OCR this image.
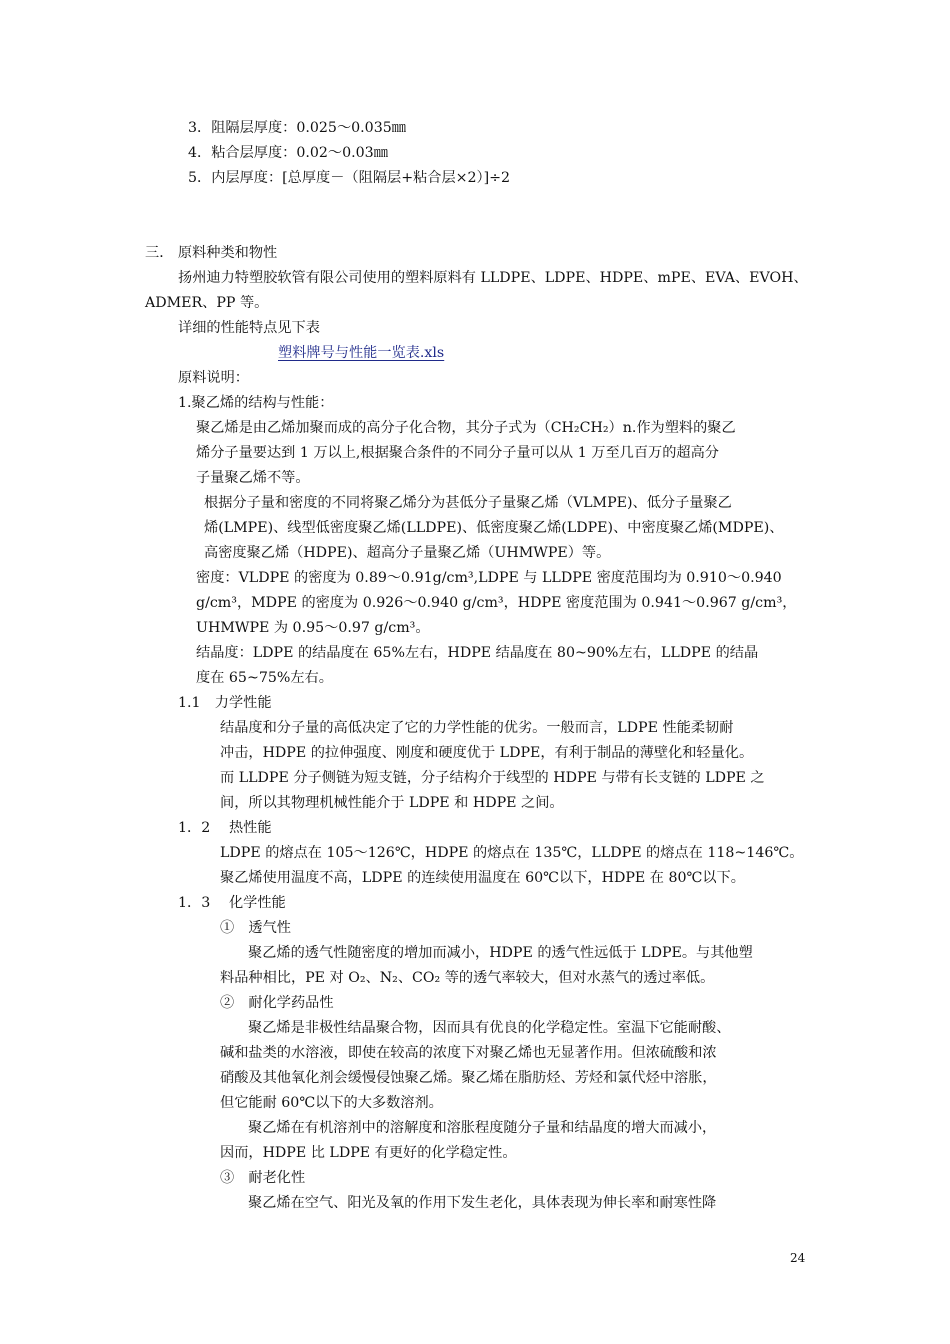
3．阻隔层厚度：0.025～0.035㎜
4．粘合层厚度：0.02～0.03㎜
5．内层厚度：[总厚度－（阻隔层+粘合层×2）]÷2
三． 原料种类和物性
扬州迪力特塑胶软管有限公司使用的塑料原料有 LLDPE、LDPE、HDPE、mPE、EVA、EVOH、
ADMER、PP 等。
详细的性能特点见下表
塑料牌号与性能一览表.xls
原料说明：
1.聚乙烯的结构与性能：
聚乙烯是由乙烯加聚而成的高分子化合物，其分子式为（CH₂CH₂）n.作为塑料的聚乙
烯分子量要达到 1 万以上,根据聚合条件的不同分子量可以从 1 万至几百万的超高分
子量聚乙烯不等。
根据分子量和密度的不同将聚乙烯分为甚低分子量聚乙烯（VLMPE)、低分子量聚乙
烯(LMPE)、线型低密度聚乙烯(LLDPE)、低密度聚乙烯(LDPE)、中密度聚乙烯(MDPE)、
高密度聚乙烯（HDPE)、超高分子量聚乙烯（UHMWPE）等。
密度：VLDPE 的密度为 0.89～0.91g/cm³,LDPE 与 LLDPE 密度范围均为 0.910～0.940
g/cm³，MDPE 的密度为 0.926～0.940 g/cm³，HDPE 密度范围为 0.941～0.967 g/cm³，
UHMWPE 为 0.95～0.97 g/cm³。
结晶度：LDPE 的结晶度在 65%左右，HDPE 结晶度在 80~90%左右，LLDPE 的结晶
度在 65~75%左右。
1.1　力学性能
结晶度和分子量的高低决定了它的力学性能的优劣。一般而言，LDPE 性能柔韧耐
冲击，HDPE 的拉伸强度、刚度和硬度优于 LDPE，有利于制品的薄壁化和轻量化。
而 LLDPE 分子侧链为短支链，分子结构介于线型的 HDPE 与带有长支链的 LDPE 之
间，所以其物理机械性能介于 LDPE 和 HDPE 之间。
1．2　 热性能
LDPE 的熔点在 105～126℃，HDPE 的熔点在 135℃，LLDPE 的熔点在 118~146℃。
聚乙烯使用温度不高，LDPE 的连续使用温度在 60℃以下，HDPE 在 80℃以下。
1．3　 化学性能
①　透气性
聚乙烯的透气性随密度的增加而减小，HDPE 的透气性远低于 LDPE。与其他塑
料品种相比，PE 对 O₂、N₂、CO₂ 等的透气率较大，但对水蒸气的透过率低。
②　耐化学药品性
聚乙烯是非极性结晶聚合物，因而具有优良的化学稳定性。室温下它能耐酸、
碱和盐类的水溶液，即使在较高的浓度下对聚乙烯也无显著作用。但浓硫酸和浓
硝酸及其他氧化剂会缓慢侵蚀聚乙烯。聚乙烯在脂肪烃、芳烃和氯代烃中溶胀，
但它能耐 60℃以下的大多数溶剂。
聚乙烯在有机溶剂中的溶解度和溶胀程度随分子量和结晶度的增大而减小，
因而，HDPE 比 LDPE 有更好的化学稳定性。
③　耐老化性
聚乙烯在空气、阳光及氧的作用下发生老化，具体表现为伸长率和耐寒性降
24
